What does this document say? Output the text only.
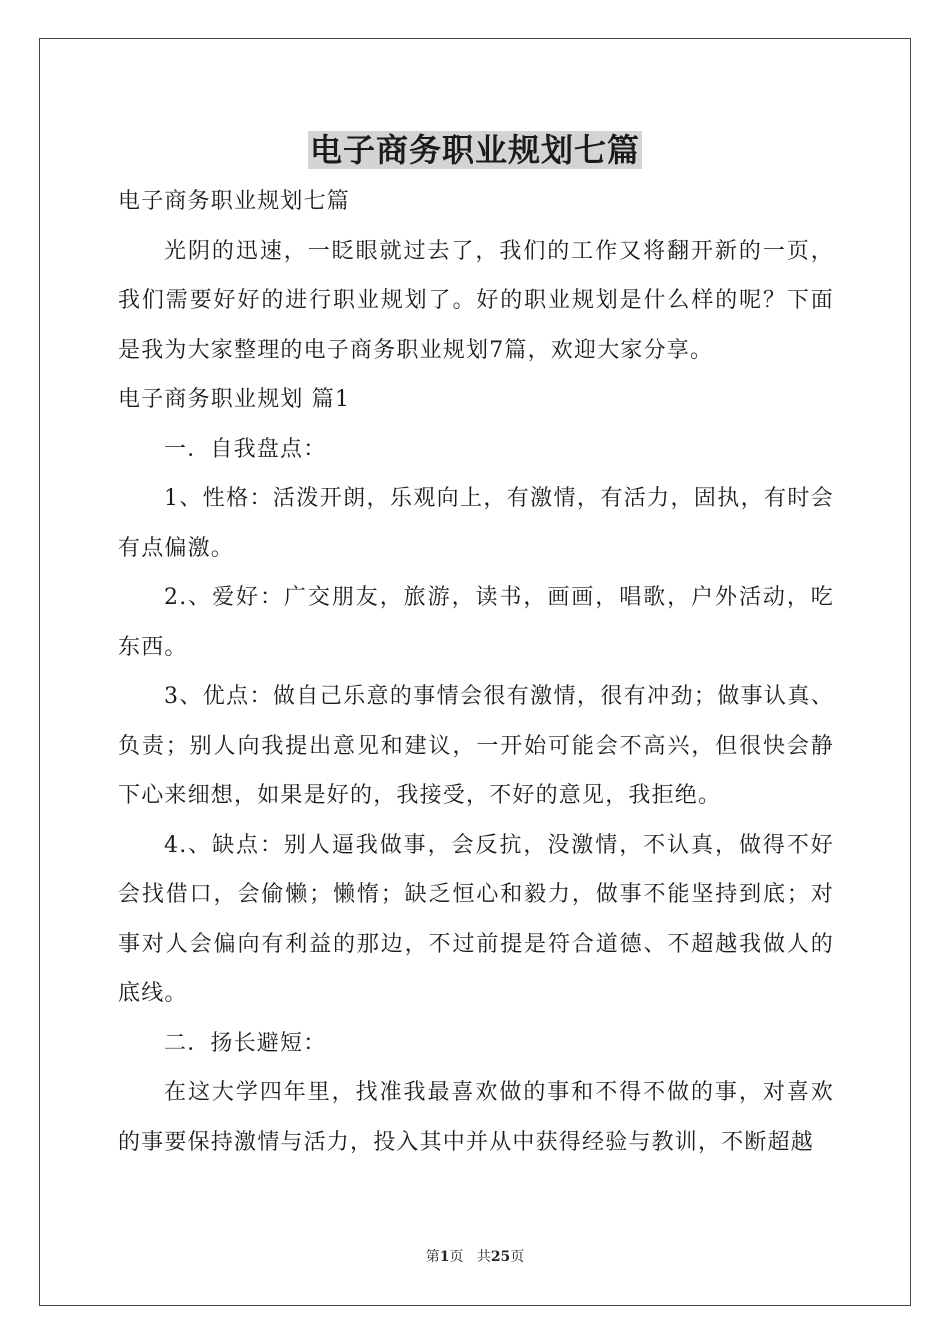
电子商务职业规划七篇

电子商务职业规划七篇

光阴的迅速，一眨眼就过去了，我们的工作又将翻开新的一页，我们需要好好的进行职业规划了。好的职业规划是什么样的呢？下面是我为大家整理的电子商务职业规划7篇，欢迎大家分享。

电子商务职业规划 篇1

一．自我盘点：

1、性格：活泼开朗，乐观向上，有激情，有活力，固执，有时会有点偏激。

2.、爱好：广交朋友，旅游，读书，画画，唱歌，户外活动，吃东西。

3、优点：做自己乐意的事情会很有激情，很有冲劲；做事认真、负责；别人向我提出意见和建议，一开始可能会不高兴，但很快会静下心来细想，如果是好的，我接受，不好的意见，我拒绝。

4.、缺点：别人逼我做事，会反抗，没激情，不认真，做得不好会找借口，会偷懒；懒惰；缺乏恒心和毅力，做事不能坚持到底；对事对人会偏向有利益的那边，不过前提是符合道德、不超越我做人的底线。

二．扬长避短：

在这大学四年里，找准我最喜欢做的事和不得不做的事，对喜欢的事要保持激情与活力，投入其中并从中获得经验与教训，不断超越

第1页 共25页
